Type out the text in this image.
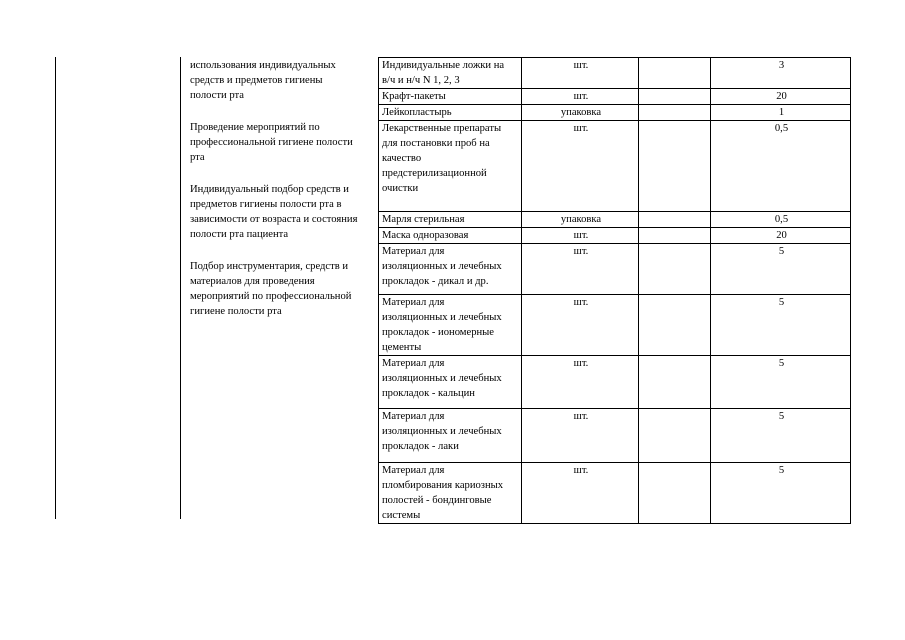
использования индивидуальных
средств и предметов гигиены
полости рта

Проведение мероприятий по
профессиональной гигиене полости
рта

Индивидуальный подбор средств и
предметов гигиены полости рта в
зависимости от возраста и состояния
полости рта пациента

Подбор инструментария, средств и
материалов для проведения
мероприятий по профессиональной
гигиене полости рта

Индивидуальные ложки на
в/ч и н/ч N 1, 2, 3	шт.		3
Крафт-пакеты	шт.		20
Лейкопластырь	упаковка		1
Лекарственные препараты
для постановки проб на
качество
предстерилизационной
очистки	шт.		0,5
Марля стерильная	упаковка		0,5
Маска одноразовая	шт.		20
Материал для
изоляционных и лечебных
прокладок - дикал и др.	шт.		5
Материал для
изоляционных и лечебных
прокладок - иономерные
цементы	шт.		5
Материал для
изоляционных и лечебных
прокладок - кальцин	шт.		5
Материал для
изоляционных и лечебных
прокладок - лаки	шт.		5
Материал для
пломбирования кариозных
полостей - бондинговые
системы	шт.		5
